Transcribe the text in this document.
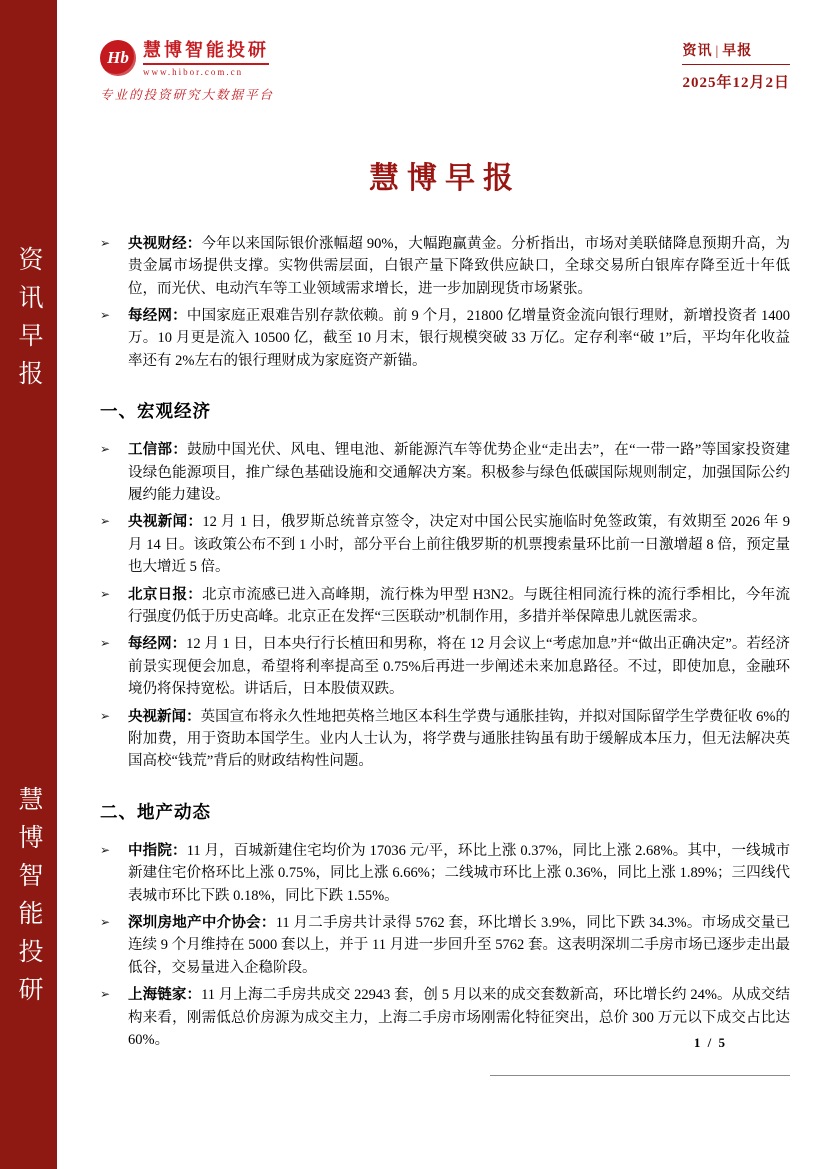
资讯早报
慧博智能投研
Hb 慧博智能投研
www.hibor.com.cn
专业的投资研究大数据平台
资讯 | 早报
2025年12月2日
慧博早报
➢	央视财经：今年以来国际银价涨幅超 90%，大幅跑赢黄金。分析指出，市场对美联储降息预期升高，为贵金属市场提供支撑。实物供需层面，白银产量下降致供应缺口，全球交易所白银库存降至近十年低位，而光伏、电动汽车等工业领域需求增长，进一步加剧现货市场紧张。

➢	每经网：中国家庭正艰难告别存款依赖。前 9 个月，21800 亿增量资金流向银行理财，新增投资者 1400 万。10 月更是流入 10500 亿，截至 10 月末，银行规模突破 33 万亿。定存利率“破 1”后，平均年化收益率还有 2%左右的银行理财成为家庭资产新锚。

一、宏观经济
➢	工信部：鼓励中国光伏、风电、锂电池、新能源汽车等优势企业“走出去”，在“一带一路”等国家投资建设绿色能源项目，推广绿色基础设施和交通解决方案。积极参与绿色低碳国际规则制定，加强国际公约履约能力建设。

➢	央视新闻：12 月 1 日，俄罗斯总统普京签令，决定对中国公民实施临时免签政策，有效期至 2026 年 9 月 14 日。该政策公布不到 1 小时，部分平台上前往俄罗斯的机票搜索量环比前一日激增超 8 倍，预定量也大增近 5 倍。

➢	北京日报：北京市流感已进入高峰期，流行株为甲型 H3N2。与既往相同流行株的流行季相比，今年流行强度仍低于历史高峰。北京正在发挥“三医联动”机制作用，多措并举保障患儿就医需求。

➢	每经网：12 月 1 日，日本央行行长植田和男称，将在 12 月会议上“考虑加息”并“做出正确决定”。若经济前景实现便会加息，希望将利率提高至 0.75%后再进一步阐述未来加息路径。不过，即使加息，金融环境仍将保持宽松。讲话后，日本股债双跌。

➢	央视新闻：英国宣布将永久性地把英格兰地区本科生学费与通胀挂钩，并拟对国际留学生学费征收 6%的附加费，用于资助本国学生。业内人士认为，将学费与通胀挂钩虽有助于缓解成本压力，但无法解决英国高校“钱荒”背后的财政结构性问题。

二、地产动态
➢	中指院：11 月，百城新建住宅均价为 17036 元/平，环比上涨 0.37%，同比上涨 2.68%。其中，一线城市新建住宅价格环比上涨 0.75%，同比上涨 6.66%；二线城市环比上涨 0.36%，同比上涨 1.89%；三四线代表城市环比下跌 0.18%，同比下跌 1.55%。

➢	深圳房地产中介协会：11 月二手房共计录得 5762 套，环比增长 3.9%，同比下跌 34.3%。市场成交量已连续 9 个月维持在 5000 套以上，并于 11 月进一步回升至 5762 套。这表明深圳二手房市场已逐步走出最低谷，交易量进入企稳阶段。

➢	上海链家：11 月上海二手房共成交 22943 套，创 5 月以来的成交套数新高，环比增长约 24%。从成交结构来看，刚需低总价房源为成交主力，上海二手房市场刚需化特征突出，总价 300 万元以下成交占比达 60%。	1 / 5
